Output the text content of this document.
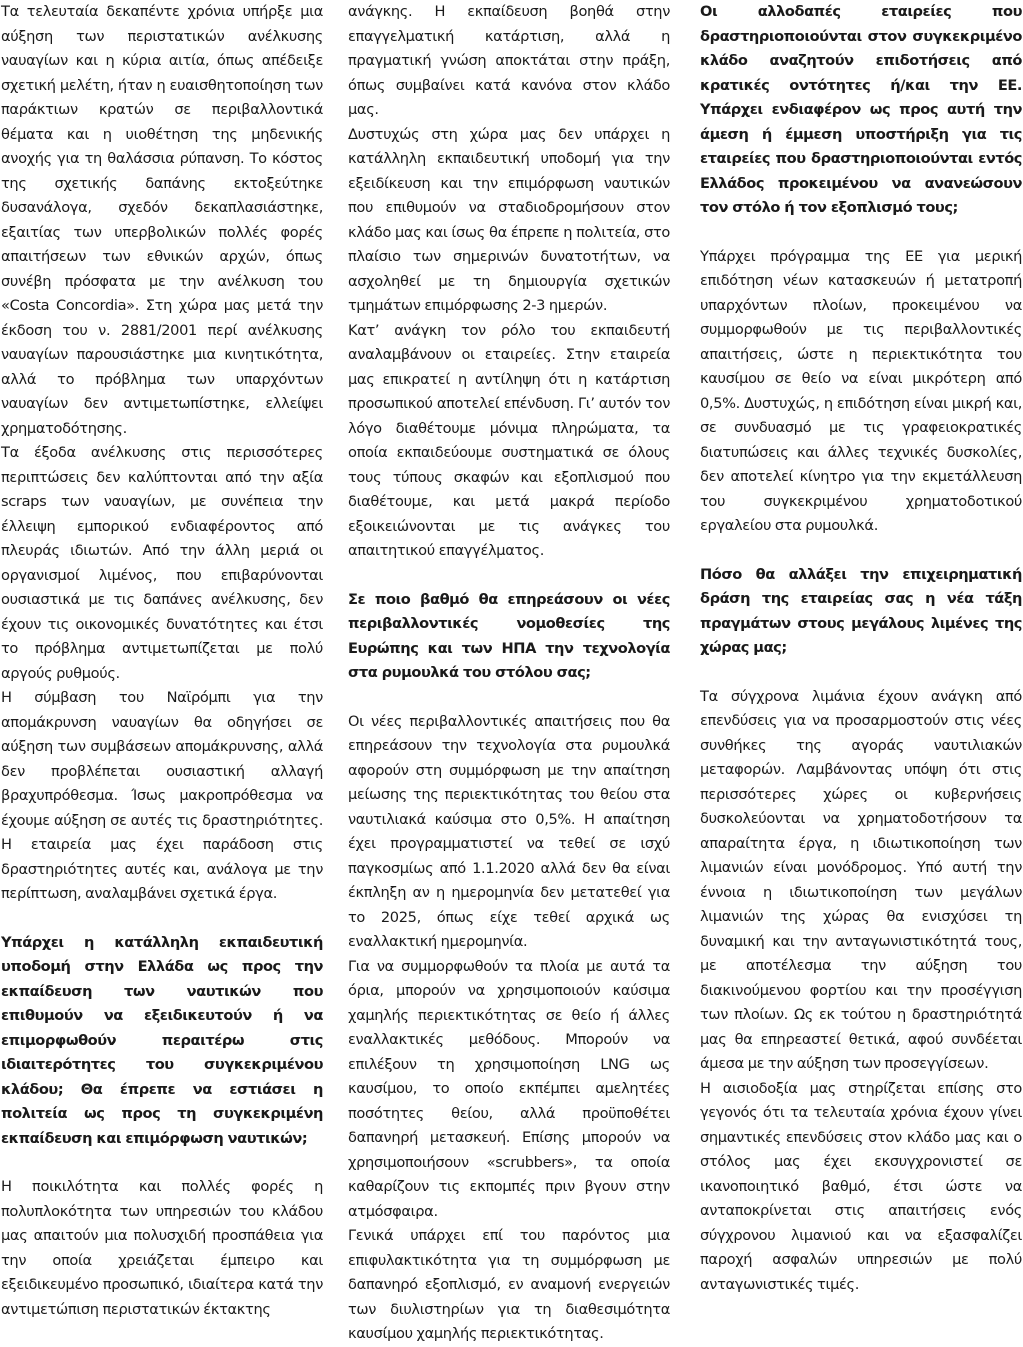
Τα τελευταία δεκαπέντε χρόνια υπήρξε μια αύξηση των περιστατικών ανέλκυσης ναυαγίων και η κύρια αιτία, όπως απέδειξε σχετική μελέτη, ήταν η ευαισθητοποίηση των παράκτιων κρατών σε περιβαλλοντικά θέματα και η υιοθέτηση της μηδενικής ανοχής για τη θαλάσσια ρύπανση. Το κόστος της σχετικής δαπάνης εκτοξεύτηκε δυσανάλογα, σχεδόν δεκαπλασιάστηκε, εξαιτίας των υπερβολικών πολλές φορές απαιτήσεων των εθνικών αρχών, όπως συνέβη πρόσφατα με την ανέλκυση του «Costa Concordia». Στη χώρα μας μετά την έκδοση του ν. 2881/2001 περί ανέλκυσης ναυαγίων παρουσιάστηκε μια κινητικότητα, αλλά το πρόβλημα των υπαρχόντων ναυαγίων δεν αντιμετωπίστηκε, ελλείψει χρηματοδότησης.

Τα έξοδα ανέλκυσης στις περισσότερες περιπτώσεις δεν καλύπτονται από την αξία scraps των ναυαγίων, με συνέπεια την έλλειψη εμπορικού ενδιαφέροντος από πλευράς ιδιωτών. Από την άλλη μεριά οι οργανισμοί λιμένος, που επιβαρύνονται ουσιαστικά με τις δαπάνες ανέλκυσης, δεν έχουν τις οικονομικές δυνατότητες και έτσι το πρόβλημα αντιμετωπίζεται με πολύ αργούς ρυθμούς.

Η σύμβαση του Ναϊρόμπι για την απομάκρυνση ναυαγίων θα οδηγήσει σε αύξηση των συμβάσεων απομάκρυνσης, αλλά δεν προβλέπεται ουσιαστική αλλαγή βραχυπρόθεσμα. Ίσως μακροπρόθεσμα να έχουμε αύξηση σε αυτές τις δραστηριότητες. Η εταιρεία μας έχει παράδοση στις δραστηριότητες αυτές και, ανάλογα με την περίπτωση, αναλαμβάνει σχετικά έργα.

Υπάρχει η κατάλληλη εκπαιδευτική υποδομή στην Ελλάδα ως προς την εκπαίδευση των ναυτικών που επιθυμούν να εξειδικευτούν ή να επιμορφωθούν περαιτέρω στις ιδιαιτερότητες του συγκεκριμένου κλάδου; Θα έπρεπε να εστιάσει η πολιτεία ως προς τη συγκεκριμένη εκπαίδευση και επιμόρφωση ναυτικών;

Η ποικιλότητα και πολλές φορές η πολυπλοκότητα των υπηρεσιών του κλάδου μας απαιτούν μια πολυσχιδή προσπάθεια για την οποία χρειάζεται έμπειρο και εξειδικευμένο προσωπικό, ιδιαίτερα κατά την αντιμετώπιση περιστατικών έκτακτης

ανάγκης. Η εκπαίδευση βοηθά στην επαγγελματική κατάρτιση, αλλά η πραγματική γνώση αποκτάται στην πράξη, όπως συμβαίνει κατά κανόνα στον κλάδο μας.

Δυστυχώς στη χώρα μας δεν υπάρχει η κατάλληλη εκπαιδευτική υποδομή για την εξειδίκευση και την επιμόρφωση ναυτικών που επιθυμούν να σταδιοδρομήσουν στον κλάδο μας και ίσως θα έπρεπε η πολιτεία, στο πλαίσιο των σημερινών δυνατοτήτων, να ασχοληθεί με τη δημιουργία σχετικών τμημάτων επιμόρφωσης 2-3 ημερών.

Κατ’ ανάγκη τον ρόλο του εκπαιδευτή αναλαμβάνουν οι εταιρείες. Στην εταιρεία μας επικρατεί η αντίληψη ότι η κατάρτιση προσωπικού αποτελεί επένδυση. Γι’ αυτόν τον λόγο διαθέτουμε μόνιμα πληρώματα, τα οποία εκπαιδεύουμε συστηματικά σε όλους τους τύπους σκαφών και εξοπλισμού που διαθέτουμε, και μετά μακρά περίοδο εξοικειώνονται με τις ανάγκες του απαιτητικού επαγγέλματος.

Σε ποιο βαθμό θα επηρεάσουν οι νέες περιβαλλοντικές νομοθεσίες της Ευρώπης και των ΗΠΑ την τεχνολογία στα ρυμουλκά του στόλου σας;

Οι νέες περιβαλλοντικές απαιτήσεις που θα επηρεάσουν την τεχνολογία στα ρυμουλκά αφορούν στη συμμόρφωση με την απαίτηση μείωσης της περιεκτικότητας του θείου στα ναυτιλιακά καύσιμα στο 0,5%. Η απαίτηση έχει προγραμματιστεί να τεθεί σε ισχύ παγκοσμίως από 1.1.2020 αλλά δεν θα είναι έκπληξη αν η ημερομηνία δεν μετατεθεί για το 2025, όπως είχε τεθεί αρχικά ως εναλλακτική ημερομηνία.

Για να συμμορφωθούν τα πλοία με αυτά τα όρια, μπορούν να χρησιμοποιούν καύσιμα χαμηλής περιεκτικότητας σε θείο ή άλλες εναλλακτικές μεθόδους. Μπορούν να επιλέξουν τη χρησιμοποίηση LNG ως καυσίμου, το οποίο εκπέμπει αμελητέες ποσότητες θείου, αλλά προϋποθέτει δαπανηρή μετασκευή. Επίσης μπορούν να χρησιμοποιήσουν «scrubbers», τα οποία καθαρίζουν τις εκπομπές πριν βγουν στην ατμόσφαιρα.

Γενικά υπάρχει επί του παρόντος μια επιφυλακτικότητα για τη συμμόρφωση με δαπανηρό εξοπλισμό, εν αναμονή ενεργειών των διυλιστηρίων για τη διαθεσιμότητα καυσίμου χαμηλής περιεκτικότητας.

Οι αλλοδαπές εταιρείες που δραστηριοποιούνται στον συγκεκριμένο κλάδο αναζητούν επιδοτήσεις από κρατικές οντότητες ή/και την ΕΕ. Υπάρχει ενδιαφέρον ως προς αυτή την άμεση ή έμμεση υποστήριξη για τις εταιρείες που δραστηριοποιούνται εντός Ελλάδος προκειμένου να ανανεώσουν τον στόλο ή τον εξοπλισμό τους;

Υπάρχει πρόγραμμα της ΕΕ για μερική επιδότηση νέων κατασκευών ή μετατροπή υπαρχόντων πλοίων, προκειμένου να συμμορφωθούν με τις περιβαλλοντικές απαιτήσεις, ώστε η περιεκτικότητα του καυσίμου σε θείο να είναι μικρότερη από 0,5%. Δυστυχώς, η επιδότηση είναι μικρή και, σε συνδυασμό με τις γραφειοκρατικές διατυπώσεις και άλλες τεχνικές δυσκολίες, δεν αποτελεί κίνητρο για την εκμετάλλευση του συγκεκριμένου χρηματοδοτικού εργαλείου στα ρυμουλκά.

Πόσο θα αλλάξει την επιχειρηματική δράση της εταιρείας σας η νέα τάξη πραγμάτων στους μεγάλους λιμένες της χώρας μας;

Τα σύγχρονα λιμάνια έχουν ανάγκη από επενδύσεις για να προσαρμοστούν στις νέες συνθήκες της αγοράς ναυτιλιακών μεταφορών. Λαμβάνοντας υπόψη ότι στις περισσότερες χώρες οι κυβερνήσεις δυσκολεύονται να χρηματοδοτήσουν τα απαραίτητα έργα, η ιδιωτικοποίηση των λιμανιών είναι μονόδρομος. Υπό αυτή την έννοια η ιδιωτικοποίηση των μεγάλων λιμανιών της χώρας θα ενισχύσει τη δυναμική και την ανταγωνιστικότητά τους, με αποτέλεσμα την αύξηση του διακινούμενου φορτίου και την προσέγγιση των πλοίων. Ως εκ τούτου η δραστηριότητά μας θα επηρεαστεί θετικά, αφού συνδέεται άμεσα με την αύξηση των προσεγγίσεων.

Η αισιοδοξία μας στηρίζεται επίσης στο γεγονός ότι τα τελευταία χρόνια έχουν γίνει σημαντικές επενδύσεις στον κλάδο μας και ο στόλος μας έχει εκσυγχρονιστεί σε ικανοποιητικό βαθμό, έτσι ώστε να ανταποκρίνεται στις απαιτήσεις ενός σύγχρονου λιμανιού και να εξασφαλίζει παροχή ασφαλών υπηρεσιών με πολύ ανταγωνιστικές τιμές.
